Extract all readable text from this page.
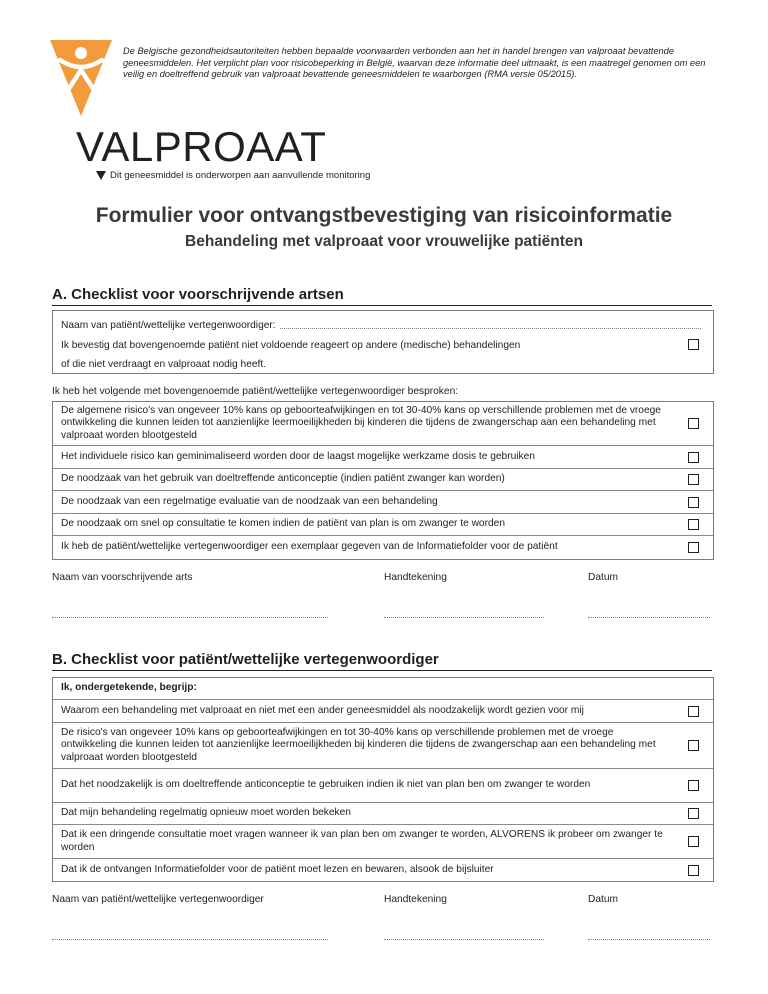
De Belgische gezondheidsautoriteiten hebben bepaalde voorwaarden verbonden aan het in handel brengen van valproaat bevattende geneesmiddelen. Het verplicht plan voor risicobeperking in België, waarvan deze informatie deel uitmaakt, is een maatregel genomen om een veilig en doeltreffend gebruik van valproaat bevattende geneesmiddelen te waarborgen (RMA versie 05/2015).
VALPROAAT
Dit geneesmiddel is onderworpen aan aanvullende monitoring
Formulier voor ontvangstbevestiging van risicoinformatie
Behandeling met valproaat voor vrouwelijke patiënten
A. Checklist voor voorschrijvende artsen
Naam van patiënt/wettelijke vertegenwoordiger:
Ik bevestig dat bovengenoemde patiënt niet voldoende reageert op andere (medische) behandelingen
of die niet verdraagt en valproaat nodig heeft.
Ik heb het volgende met bovengenoemde patiënt/wettelijke vertegenwoordiger besproken:
De algemene risico's van ongeveer 10% kans op geboorteafwijkingen en tot 30-40% kans op verschillende problemen met de vroege ontwikkeling die kunnen leiden tot aanzienlijke leermoeilijkheden bij kinderen die tijdens de zwangerschap aan een behandeling met valproaat worden blootgesteld
Het individuele risico kan geminimaliseerd worden door de laagst mogelijke werkzame dosis te gebruiken
De noodzaak van het gebruik van doeltreffende anticonceptie (indien patiënt zwanger kan worden)
De noodzaak van een regelmatige evaluatie van de noodzaak van een behandeling
De noodzaak om snel op consultatie te komen indien de patiënt van plan is om zwanger te worden
Ik heb de patiënt/wettelijke vertegenwoordiger een exemplaar gegeven van de Informatiefolder voor de patiënt
Naam van voorschrijvende arts	Handtekening	Datum
B. Checklist voor patiënt/wettelijke vertegenwoordiger
Ik, ondergetekende, begrijp:
Waarom een behandeling met valproaat en niet met een ander geneesmiddel als noodzakelijk wordt gezien voor mij
De risico's van ongeveer 10% kans op geboorteafwijkingen en tot 30-40% kans op verschillende problemen met de vroege ontwikkeling die kunnen leiden tot aanzienlijke leermoeilijkheden bij kinderen die tijdens de zwangerschap aan een behandeling met valproaat worden blootgesteld
Dat het noodzakelijk is om doeltreffende anticonceptie te gebruiken indien ik niet van plan ben om zwanger te worden
Dat mijn behandeling regelmatig opnieuw moet worden bekeken
Dat ik een dringende consultatie moet vragen wanneer ik van plan ben om zwanger te worden, ALVORENS ik probeer om zwanger te worden
Dat ik de ontvangen Informatiefolder voor de patiënt moet lezen en bewaren, alsook de bijsluiter
Naam van patiënt/wettelijke vertegenwoordiger	Handtekening	Datum
